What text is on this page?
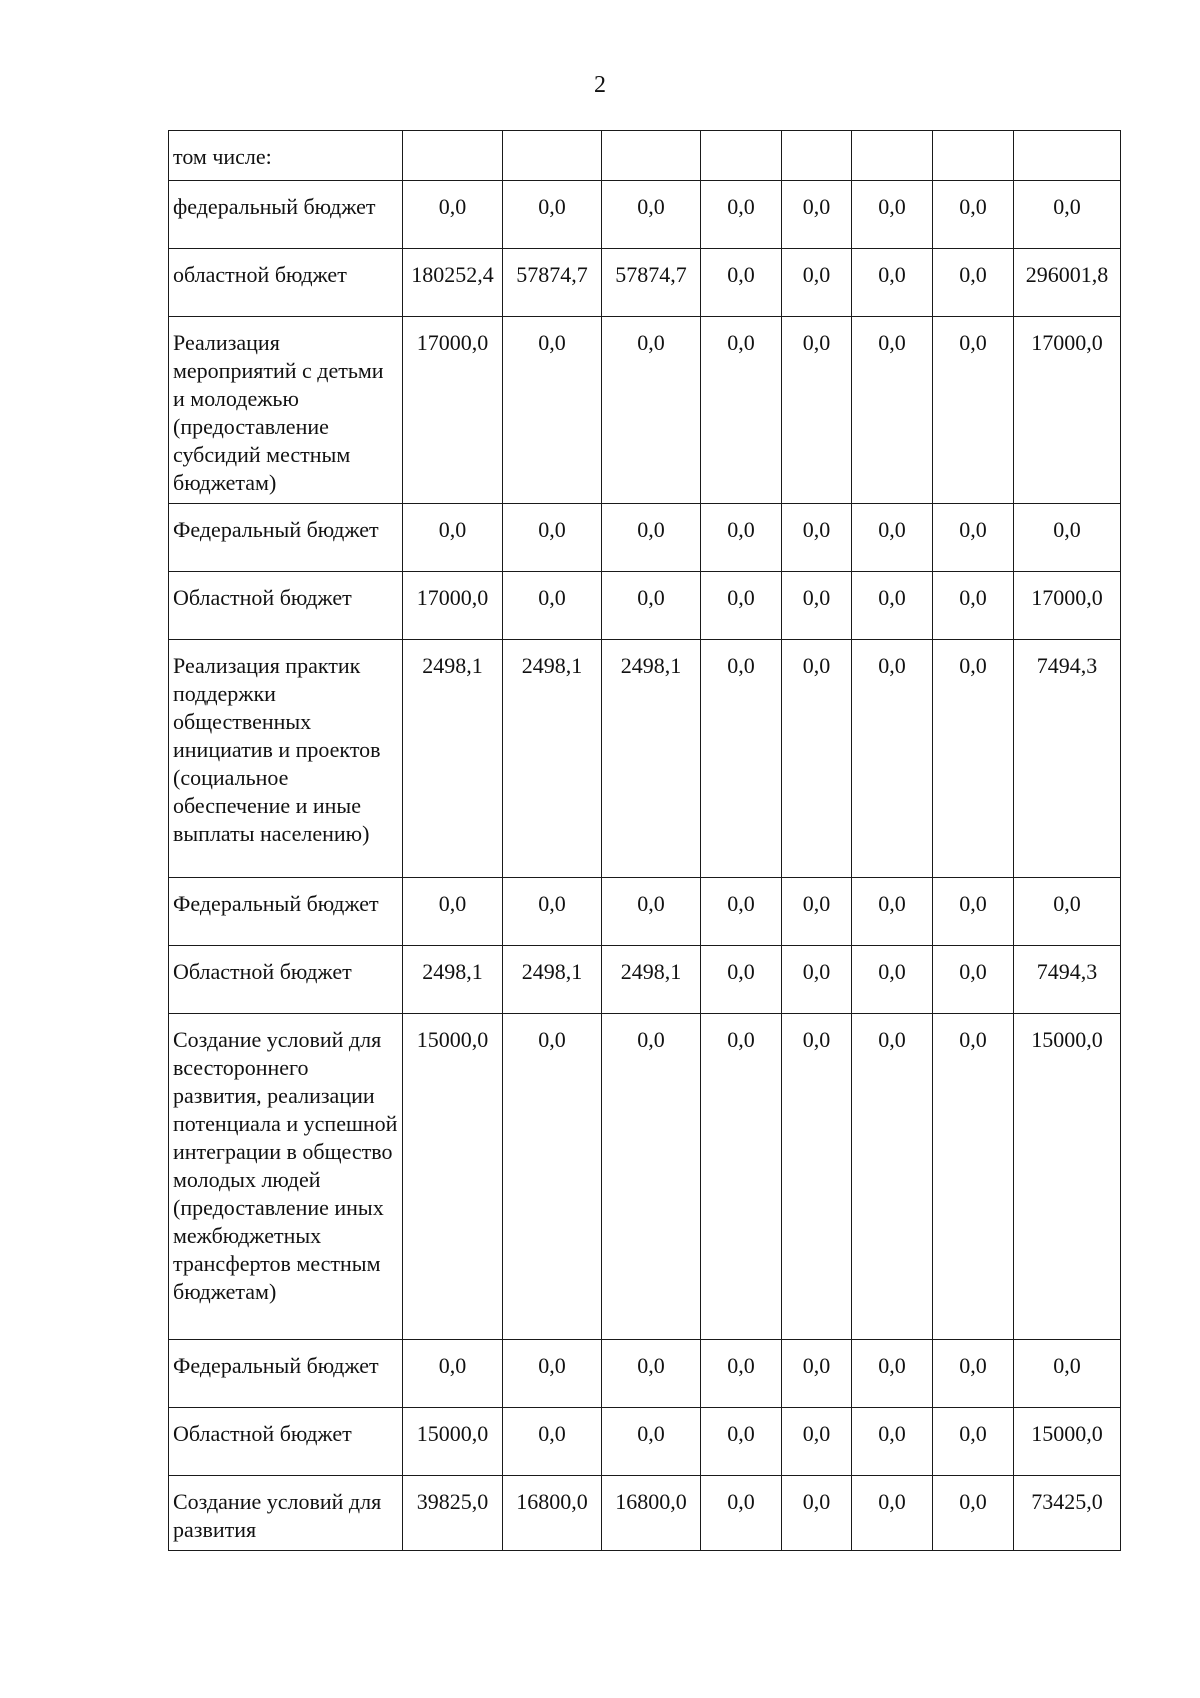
2
том числе:								
федеральный бюджет	0,0	0,0	0,0	0,0	0,0	0,0	0,0	0,0
областной бюджет	180252,4	57874,7	57874,7	0,0	0,0	0,0	0,0	296001,8
Реализация мероприятий с детьми и молодежью (предоставление субсидий местным бюджетам)	17000,0	0,0	0,0	0,0	0,0	0,0	0,0	17000,0
Федеральный бюджет	0,0	0,0	0,0	0,0	0,0	0,0	0,0	0,0
Областной бюджет	17000,0	0,0	0,0	0,0	0,0	0,0	0,0	17000,0
Реализация практик поддержки общественных инициатив и проектов (социальное обеспечение и иные выплаты населению)	2498,1	2498,1	2498,1	0,0	0,0	0,0	0,0	7494,3
Федеральный бюджет	0,0	0,0	0,0	0,0	0,0	0,0	0,0	0,0
Областной бюджет	2498,1	2498,1	2498,1	0,0	0,0	0,0	0,0	7494,3
Создание условий для всестороннего развития, реализации потенциала и успешной интеграции в общество молодых людей (предоставление иных межбюджетных трансфертов местным бюджетам)	15000,0	0,0	0,0	0,0	0,0	0,0	0,0	15000,0
Федеральный бюджет	0,0	0,0	0,0	0,0	0,0	0,0	0,0	0,0
Областной бюджет	15000,0	0,0	0,0	0,0	0,0	0,0	0,0	15000,0
Создание условий для развития	39825,0	16800,0	16800,0	0,0	0,0	0,0	0,0	73425,0
